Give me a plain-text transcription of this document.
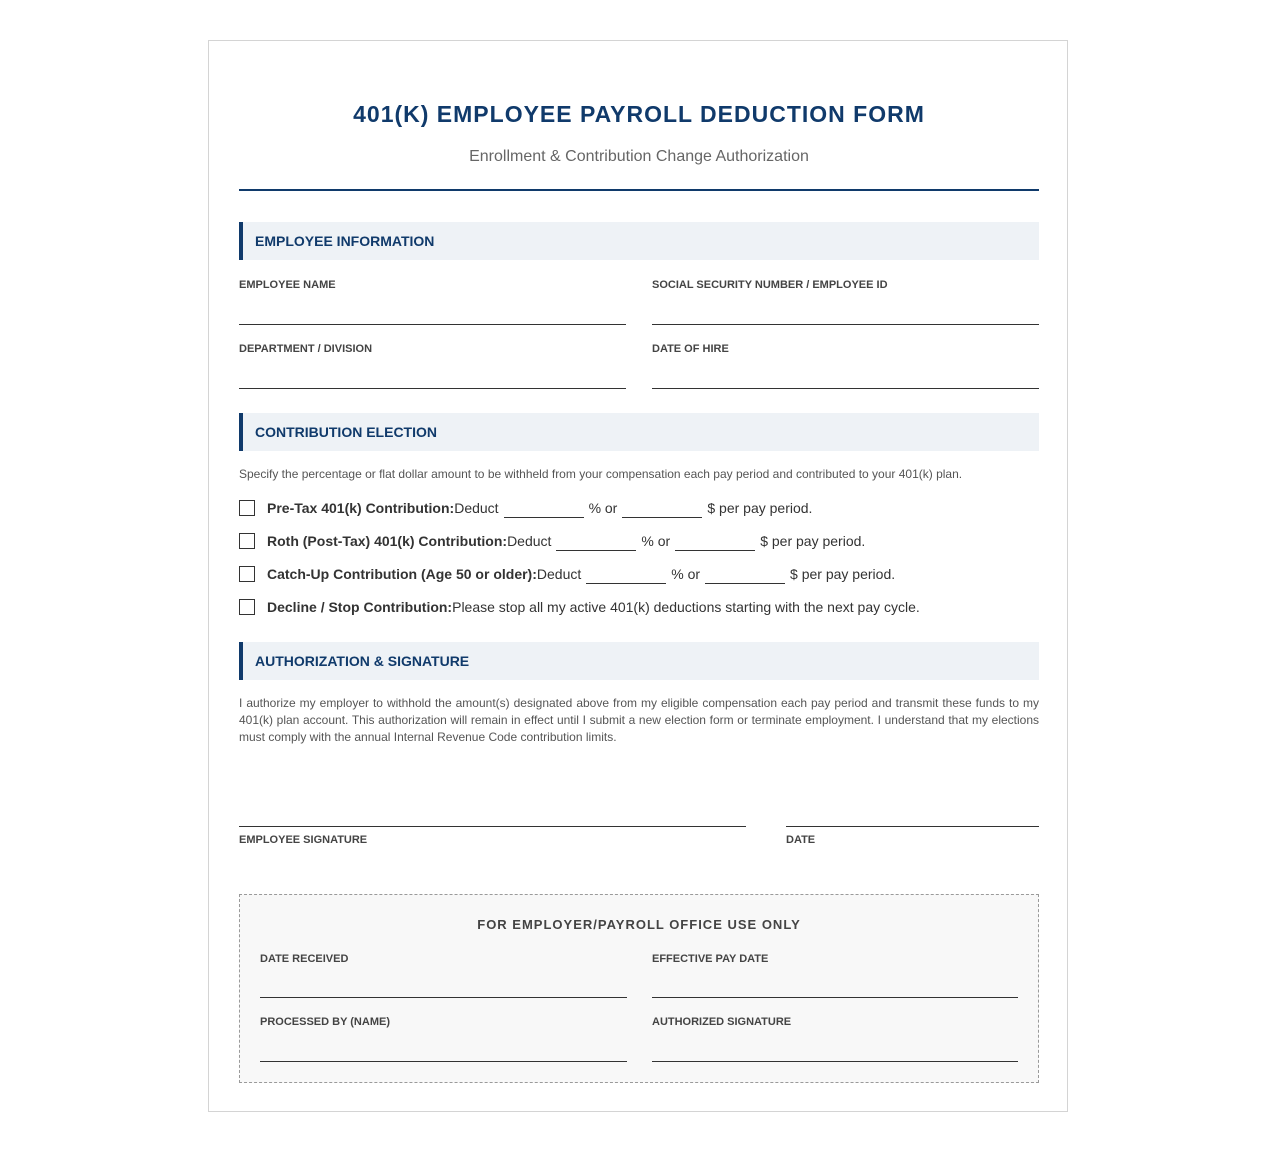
401(K) EMPLOYEE PAYROLL DEDUCTION FORM
Enrollment & Contribution Change Authorization
EMPLOYEE INFORMATION
EMPLOYEE NAME	SOCIAL SECURITY NUMBER / EMPLOYEE ID
DEPARTMENT / DIVISION	DATE OF HIRE
CONTRIBUTION ELECTION
Specify the percentage or flat dollar amount to be withheld from your compensation each pay period and contributed to your 401(k) plan.
Pre-Tax 401(k) Contribution: Deduct	% or	$ per pay period.
Roth (Post-Tax) 401(k) Contribution: Deduct	% or	$ per pay period.
Catch-Up Contribution (Age 50 or older): Deduct	% or	$ per pay period.
Decline / Stop Contribution: Please stop all my active 401(k) deductions starting with the next pay cycle.
AUTHORIZATION & SIGNATURE
I authorize my employer to withhold the amount(s) designated above from my eligible compensation each pay period and transmit these funds to my 401(k) plan account. This authorization will remain in effect until I submit a new election form or terminate employment. I understand that my elections must comply with the annual Internal Revenue Code contribution limits.
EMPLOYEE SIGNATURE	DATE
FOR EMPLOYER/PAYROLL OFFICE USE ONLY
DATE RECEIVED	EFFECTIVE PAY DATE
PROCESSED BY (NAME)	AUTHORIZED SIGNATURE
